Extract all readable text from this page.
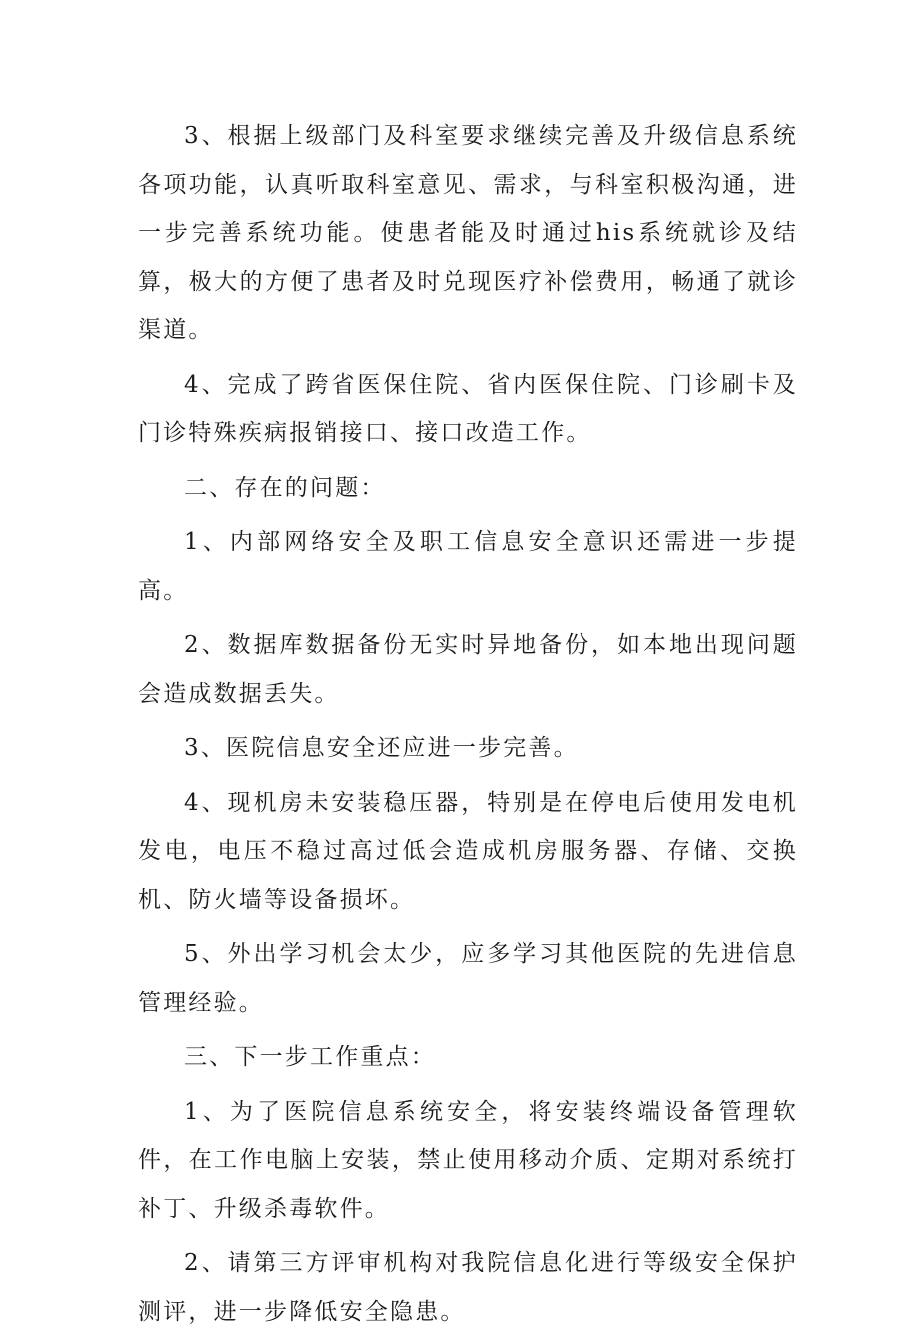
3、根据上级部门及科室要求继续完善及升级信息系统各项功能，认真听取科室意见、需求，与科室积极沟通，进一步完善系统功能。使患者能及时通过his系统就诊及结算，极大的方便了患者及时兑现医疗补偿费用，畅通了就诊渠道。

4、完成了跨省医保住院、省内医保住院、门诊刷卡及门诊特殊疾病报销接口、接口改造工作。

二、存在的问题：

1、内部网络安全及职工信息安全意识还需进一步提高。

2、数据库数据备份无实时异地备份，如本地出现问题会造成数据丢失。

3、医院信息安全还应进一步完善。

4、现机房未安装稳压器，特别是在停电后使用发电机发电，电压不稳过高过低会造成机房服务器、存储、交换机、防火墙等设备损坏。

5、外出学习机会太少，应多学习其他医院的先进信息管理经验。

三、下一步工作重点：

1、为了医院信息系统安全，将安装终端设备管理软件，在工作电脑上安装，禁止使用移动介质、定期对系统打补丁、升级杀毒软件。

2、请第三方评审机构对我院信息化进行等级安全保护测评，进一步降低安全隐患。
